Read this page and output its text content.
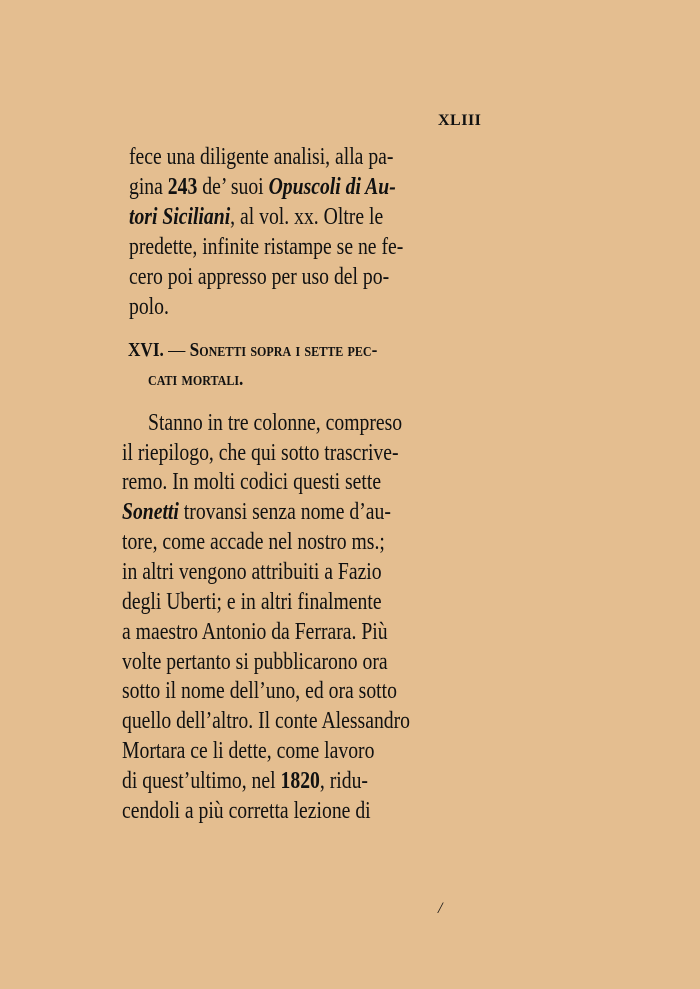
XLIII
fece una diligente analisi, alla pa-
gina 243 de’ suoi Opuscoli di Au-
tori Siciliani, al vol. xx. Oltre le
predette, infinite ristampe se ne fe-
cero poi appresso per uso del po-
polo.
XVI. — Sonetti sopra i sette pec-
cati mortali.
Stanno in tre colonne, compreso
il riepilogo, che qui sotto trascrive-
remo. In molti codici questi sette
Sonetti trovansi senza nome d’au-
tore, come accade nel nostro ms.;
in altri vengono attribuiti a Fazio
degli Uberti; e in altri finalmente
a maestro Antonio da Ferrara. Più
volte pertanto si pubblicarono ora
sotto il nome dell’uno, ed ora sotto
quello dell’altro. Il conte Alessandro
Mortara ce li dette, come lavoro
di quest’ultimo, nel 1820, ridu-
cendoli a più corretta lezione di
/
